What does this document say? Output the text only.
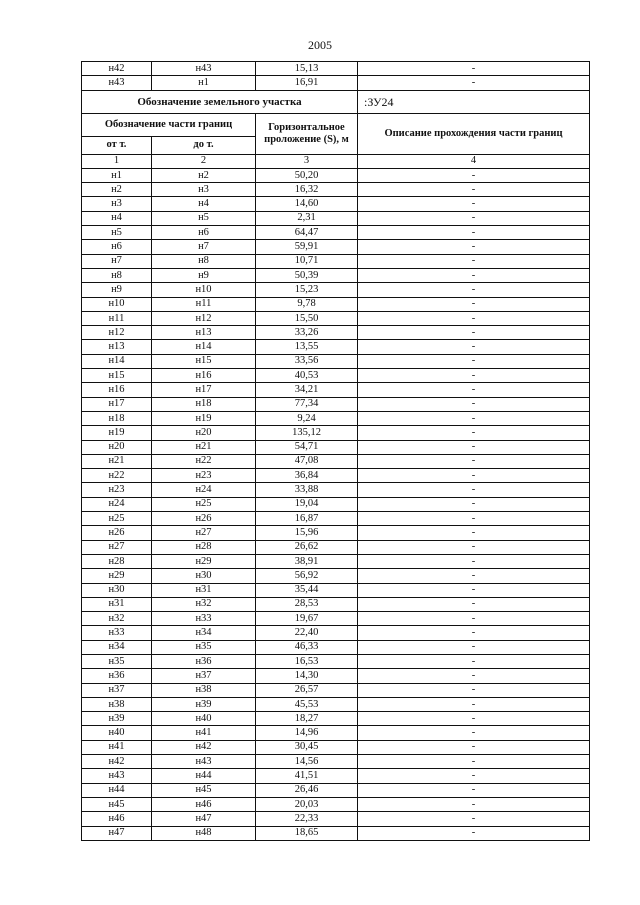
2005
н42	н43	15,13	-
н43	н1	16,91	-
Обозначение земельного участка			:ЗУ24
Обозначение части границ		Горизонтальное проложение (S), м	Описание прохождения части границ
от т.	до т.		
1	2	3	4
н1	н2	50,20	-
н2	н3	16,32	-
н3	н4	14,60	-
н4	н5	2,31	-
н5	н6	64,47	-
н6	н7	59,91	-
н7	н8	10,71	-
н8	н9	50,39	-
н9	н10	15,23	-
н10	н11	9,78	-
н11	н12	15,50	-
н12	н13	33,26	-
н13	н14	13,55	-
н14	н15	33,56	-
н15	н16	40,53	-
н16	н17	34,21	-
н17	н18	77,34	-
н18	н19	9,24	-
н19	н20	135,12	-
н20	н21	54,71	-
н21	н22	47,08	-
н22	н23	36,84	-
н23	н24	33,88	-
н24	н25	19,04	-
н25	н26	16,87	-
н26	н27	15,96	-
н27	н28	26,62	-
н28	н29	38,91	-
н29	н30	56,92	-
н30	н31	35,44	-
н31	н32	28,53	-
н32	н33	19,67	-
н33	н34	22,40	-
н34	н35	46,33	-
н35	н36	16,53	-
н36	н37	14,30	-
н37	н38	26,57	-
н38	н39	45,53	-
н39	н40	18,27	-
н40	н41	14,96	-
н41	н42	30,45	-
н42	н43	14,56	-
н43	н44	41,51	-
н44	н45	26,46	-
н45	н46	20,03	-
н46	н47	22,33	-
н47	н48	18,65	-
